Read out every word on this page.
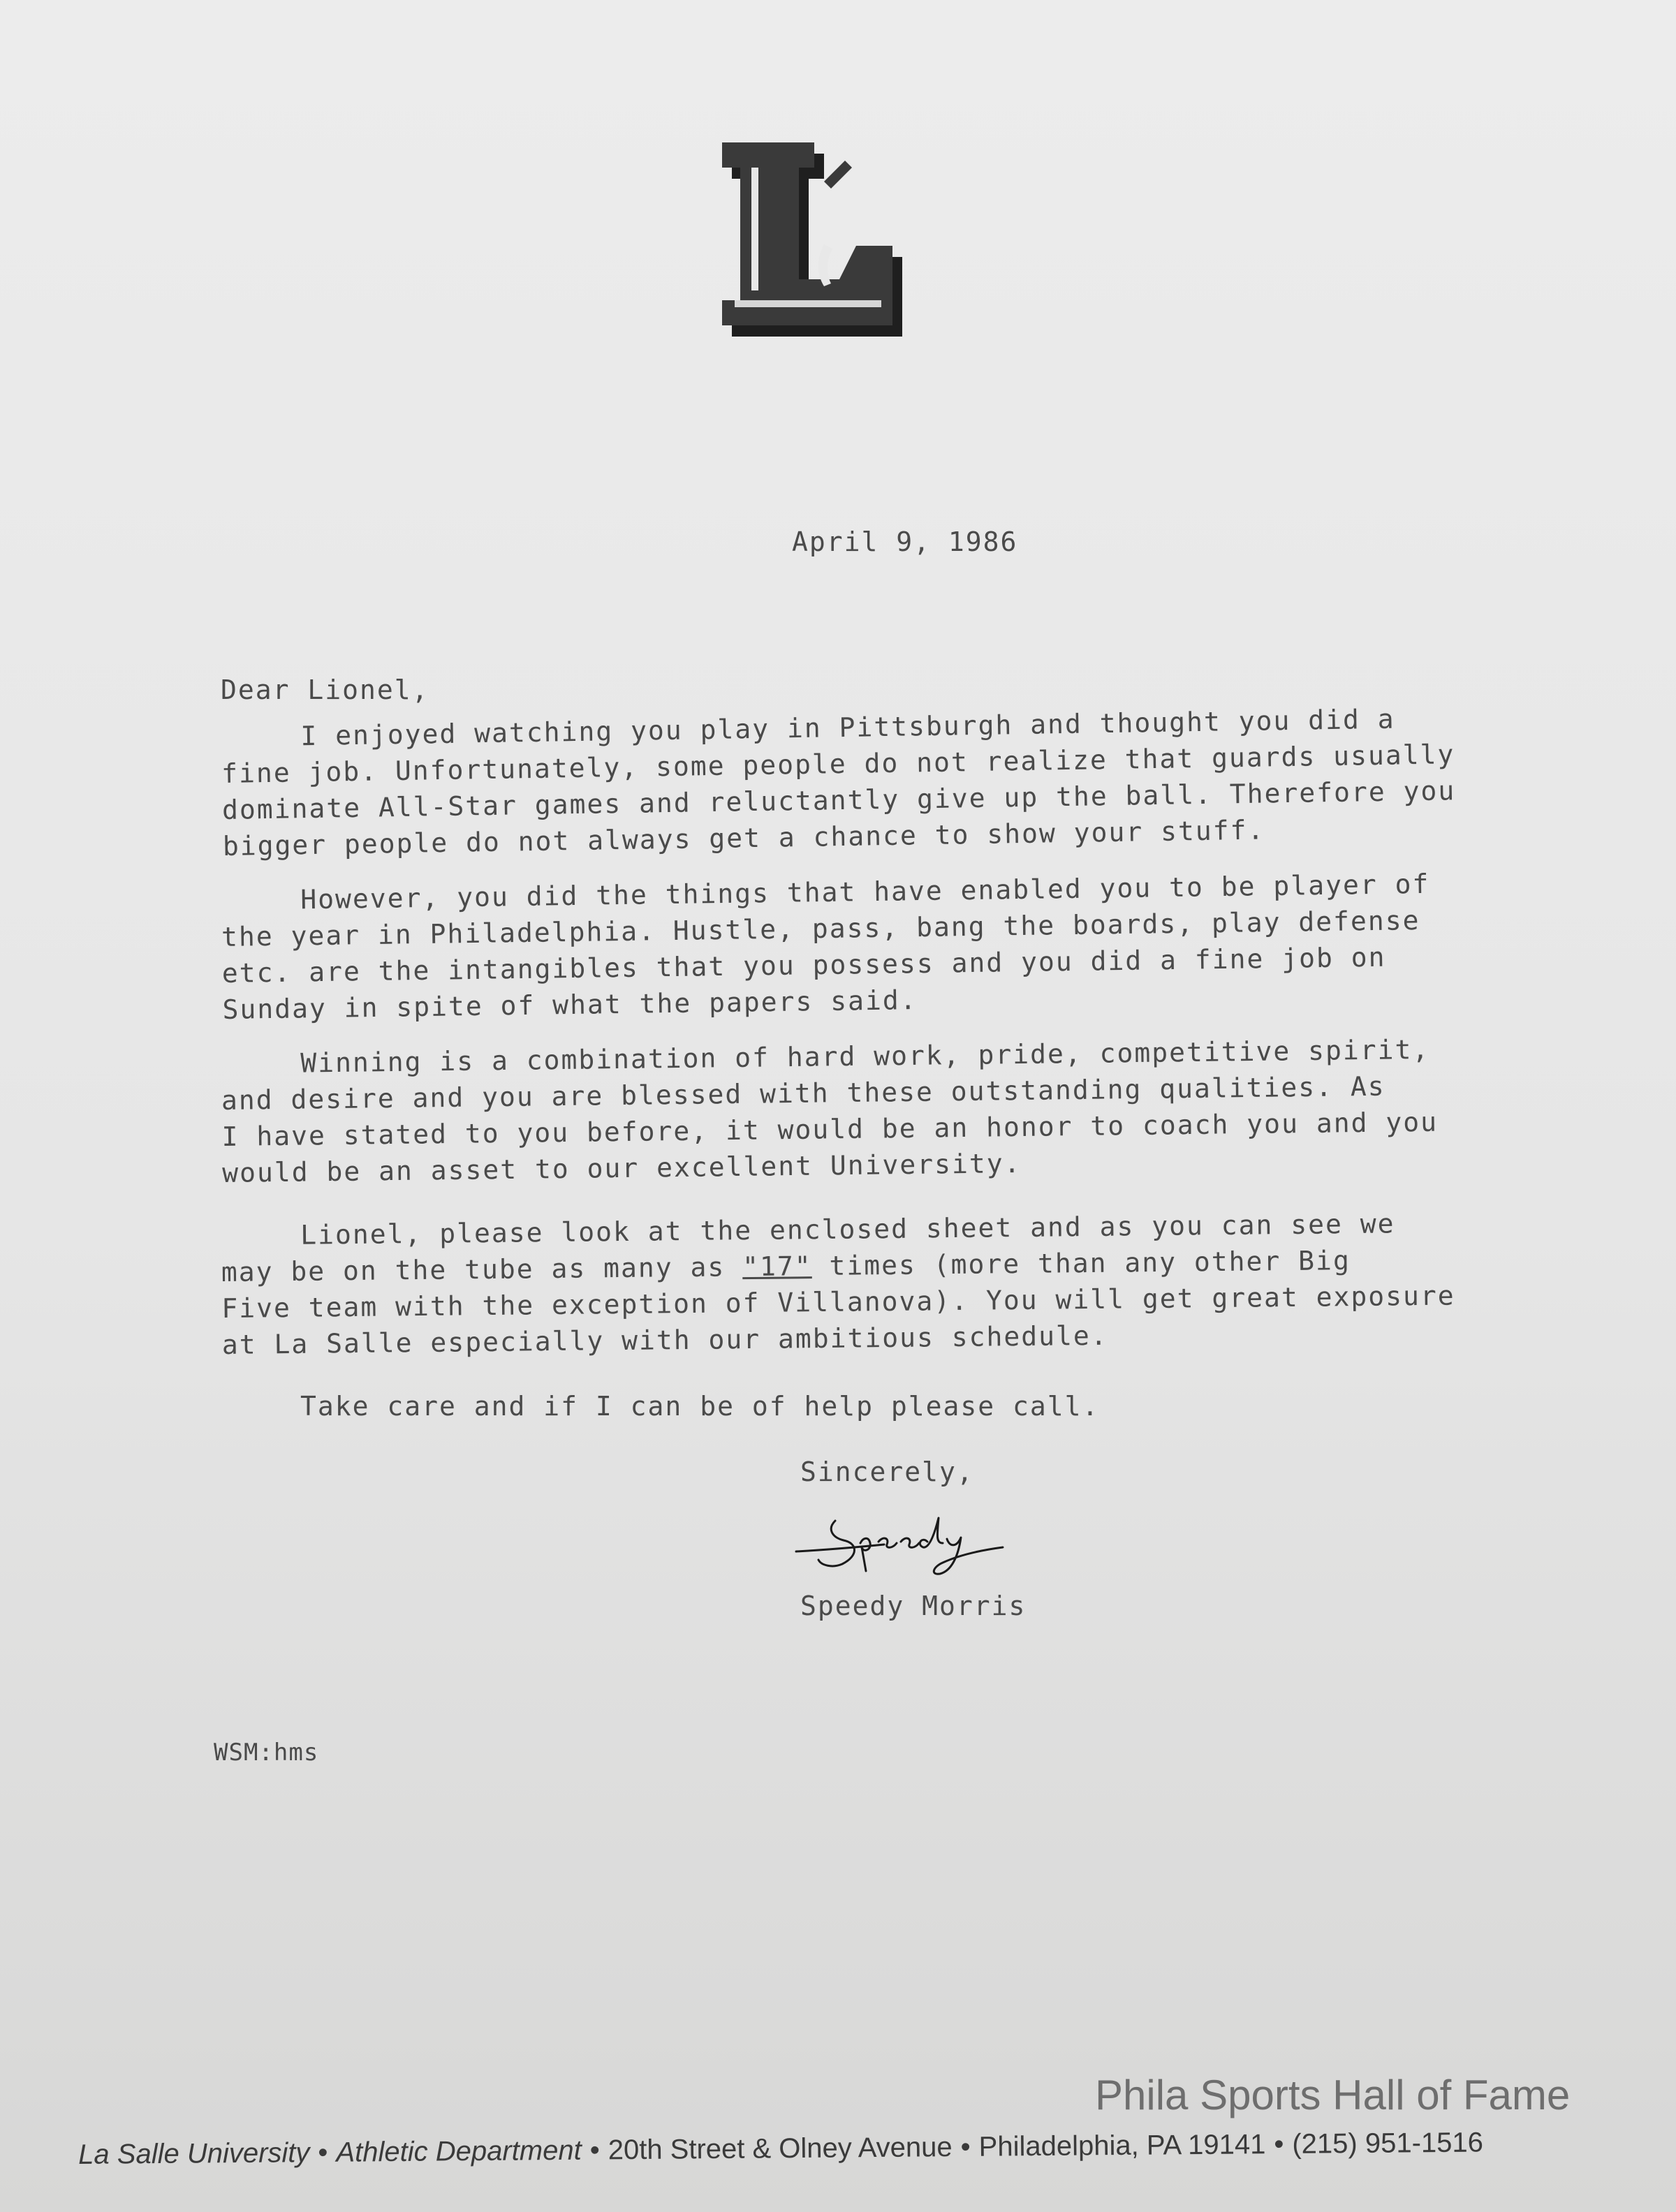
April 9, 1986
Dear Lionel,
I enjoyed watching you play in Pittsburgh and thought you did a
fine job. Unfortunately, some people do not realize that guards usually
dominate All-Star games and reluctantly give up the ball. Therefore you
bigger people do not always get a chance to show your stuff.
However, you did the things that have enabled you to be player of
the year in Philadelphia. Hustle, pass, bang the boards, play defense
etc. are the intangibles that you possess and you did a fine job on
Sunday in spite of what the papers said.
Winning is a combination of hard work, pride, competitive spirit,
and desire and you are blessed with these outstanding qualities. As
I have stated to you before, it would be an honor to coach you and you
would be an asset to our excellent University.
Lionel, please look at the enclosed sheet and as you can see we
may be on the tube as many as "17" times (more than any other Big
Five team with the exception of Villanova). You will get great exposure
at La Salle especially with our ambitious schedule.
Take care and if I can be of help please call.
Sincerely,
Speedy Morris
WSM:hms
Phila Sports Hall of Fame
La Salle University • Athletic Department • 20th Street & Olney Avenue • Philadelphia, PA 19141 • (215) 951-1516
